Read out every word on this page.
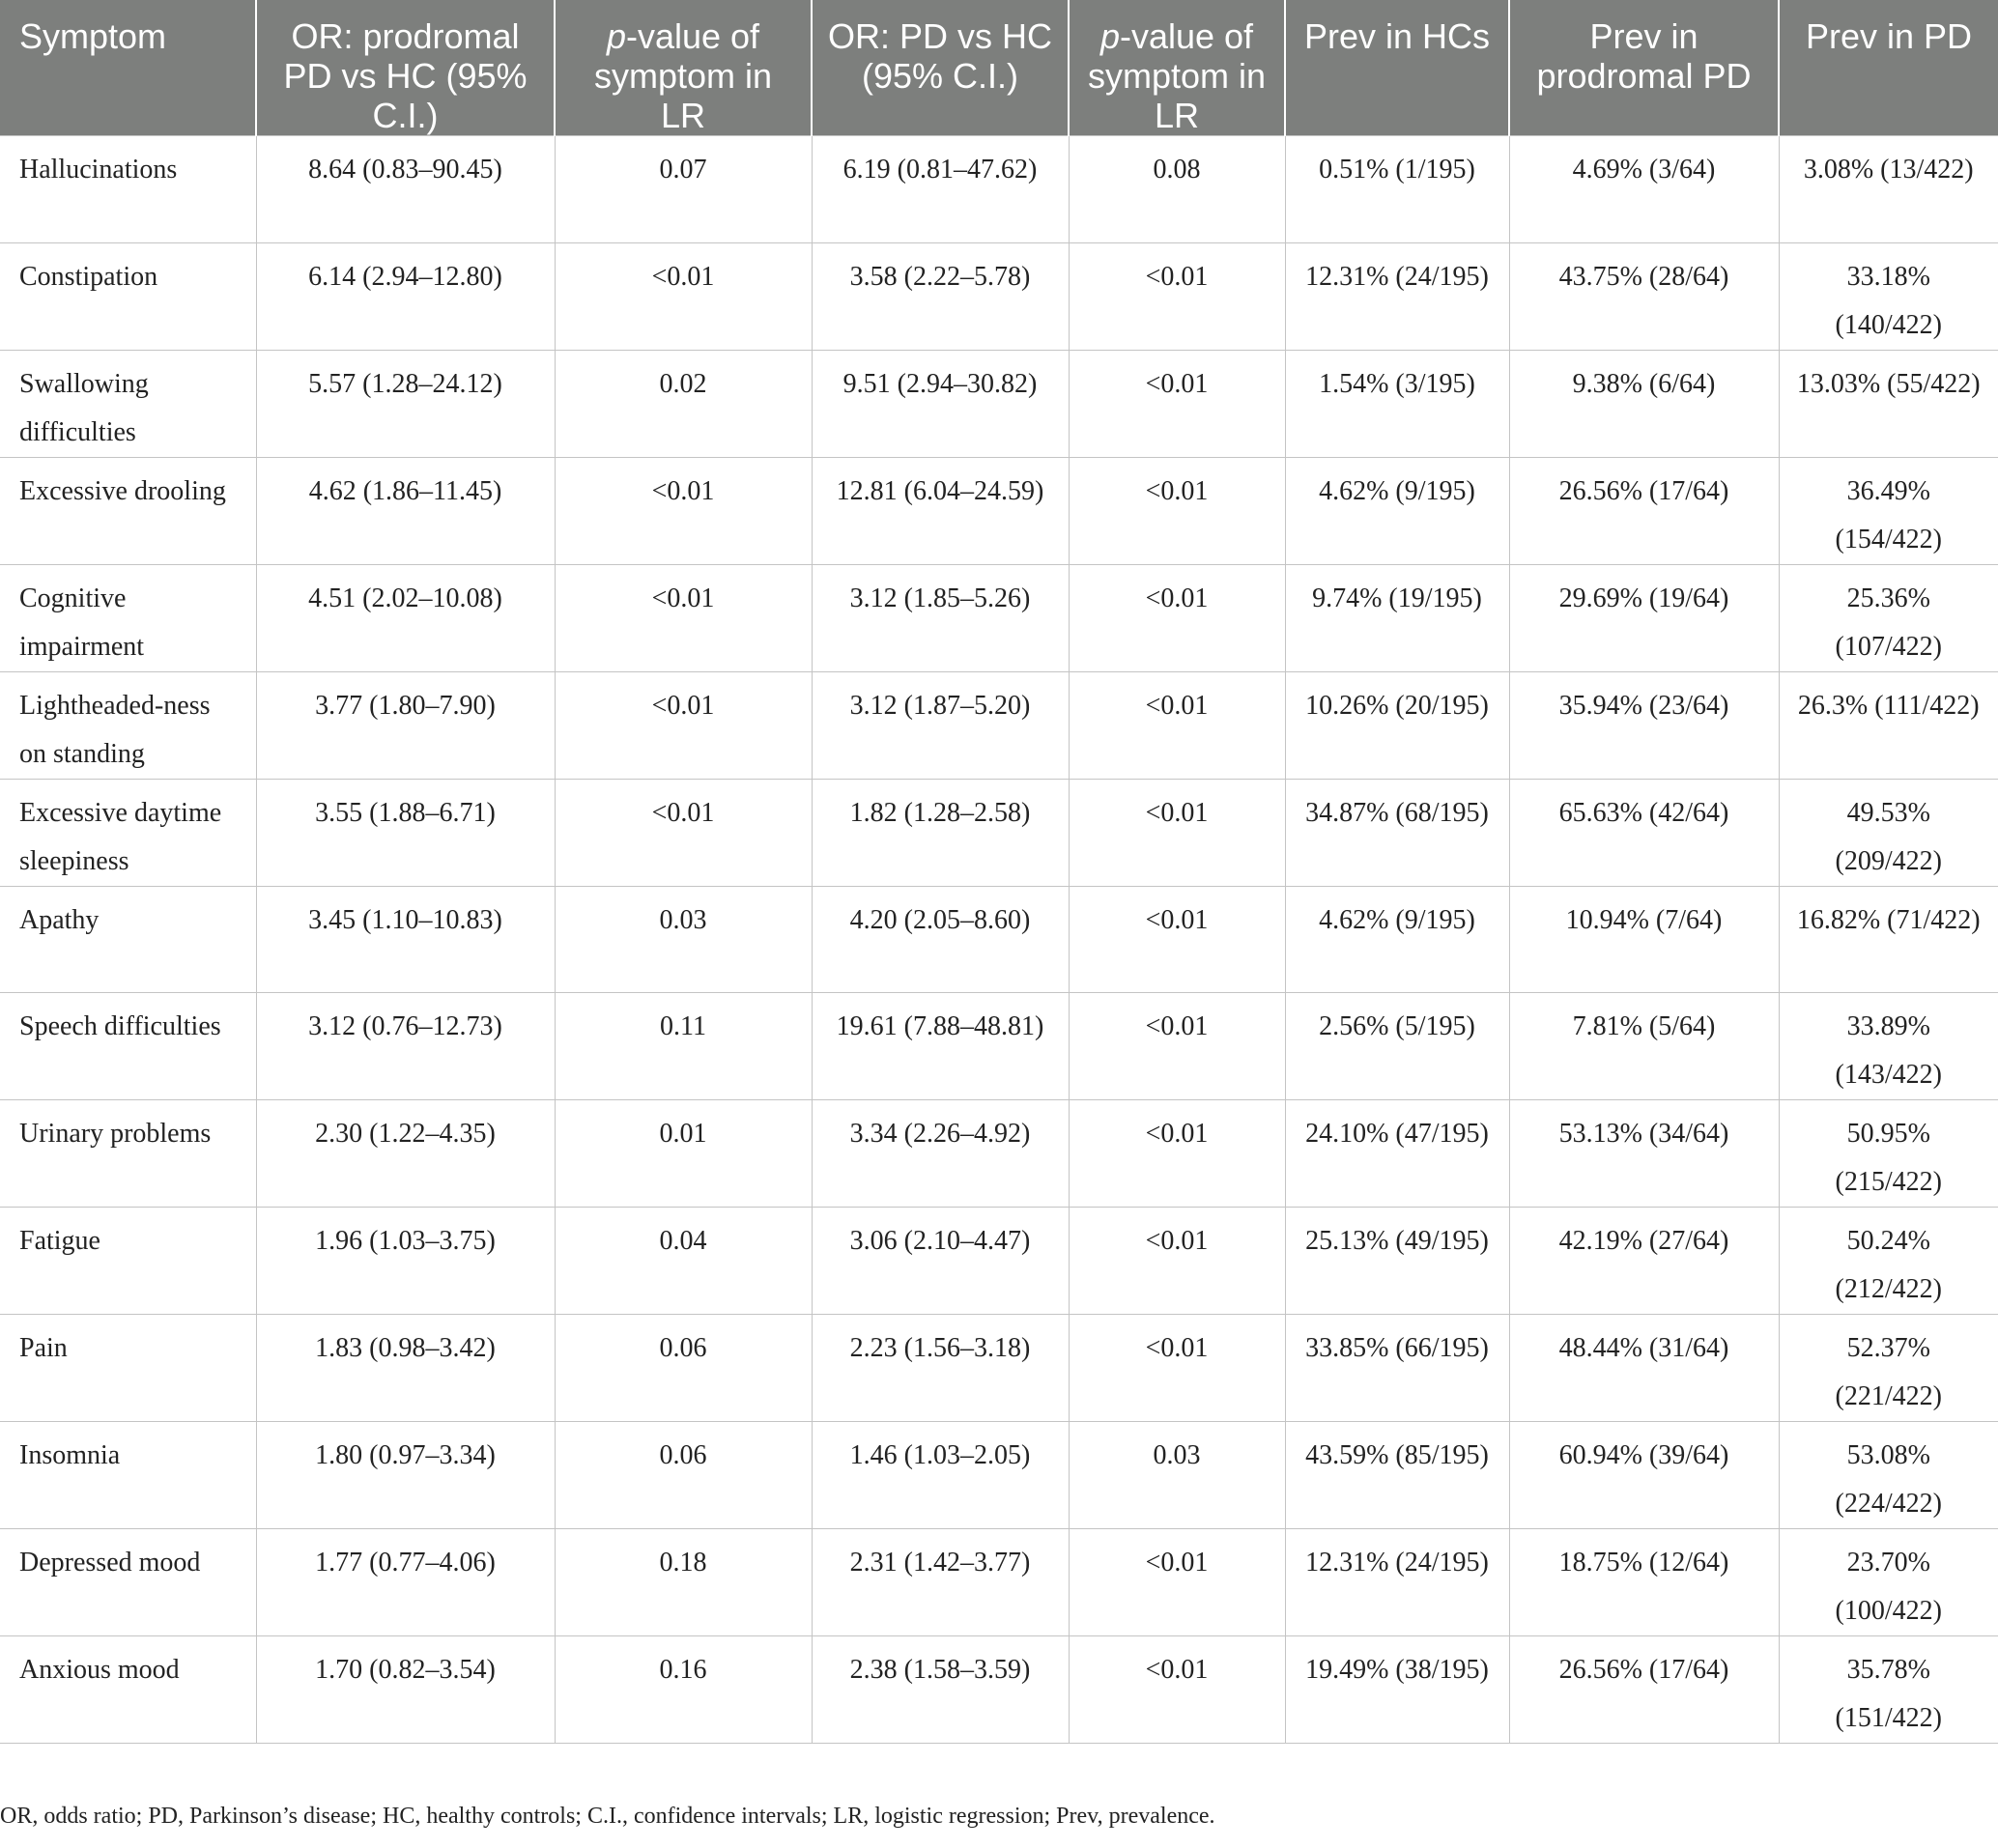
Symptom	OR: prodromal PD vs HC (95% C.I.)	p-value of symptom in LR	OR: PD vs HC (95% C.I.)	p-value of symptom in LR	Prev in HCs	Prev in prodromal PD	Prev in PD
Hallucinations	8.64 (0.83–90.45)	0.07	6.19 (0.81–47.62)	0.08	0.51% (1/195)	4.69% (3/64)	3.08% (13/422)
Constipation	6.14 (2.94–12.80)	<0.01	3.58 (2.22–5.78)	<0.01	12.31% (24/195)	43.75% (28/64)	33.18% (140/422)
Swallowing difficulties	5.57 (1.28–24.12)	0.02	9.51 (2.94–30.82)	<0.01	1.54% (3/195)	9.38% (6/64)	13.03% (55/422)
Excessive drooling	4.62 (1.86–11.45)	<0.01	12.81 (6.04–24.59)	<0.01	4.62% (9/195)	26.56% (17/64)	36.49% (154/422)
Cognitive impairment	4.51 (2.02–10.08)	<0.01	3.12 (1.85–5.26)	<0.01	9.74% (19/195)	29.69% (19/64)	25.36% (107/422)
Lightheaded-ness on standing	3.77 (1.80–7.90)	<0.01	3.12 (1.87–5.20)	<0.01	10.26% (20/195)	35.94% (23/64)	26.3% (111/422)
Excessive daytime sleepiness	3.55 (1.88–6.71)	<0.01	1.82 (1.28–2.58)	<0.01	34.87% (68/195)	65.63% (42/64)	49.53% (209/422)
Apathy	3.45 (1.10–10.83)	0.03	4.20 (2.05–8.60)	<0.01	4.62% (9/195)	10.94% (7/64)	16.82% (71/422)
Speech difficulties	3.12 (0.76–12.73)	0.11	19.61 (7.88–48.81)	<0.01	2.56% (5/195)	7.81% (5/64)	33.89% (143/422)
Urinary problems	2.30 (1.22–4.35)	0.01	3.34 (2.26–4.92)	<0.01	24.10% (47/195)	53.13% (34/64)	50.95% (215/422)
Fatigue	1.96 (1.03–3.75)	0.04	3.06 (2.10–4.47)	<0.01	25.13% (49/195)	42.19% (27/64)	50.24% (212/422)
Pain	1.83 (0.98–3.42)	0.06	2.23 (1.56–3.18)	<0.01	33.85% (66/195)	48.44% (31/64)	52.37% (221/422)
Insomnia	1.80 (0.97–3.34)	0.06	1.46 (1.03–2.05)	0.03	43.59% (85/195)	60.94% (39/64)	53.08% (224/422)
Depressed mood	1.77 (0.77–4.06)	0.18	2.31 (1.42–3.77)	<0.01	12.31% (24/195)	18.75% (12/64)	23.70% (100/422)
Anxious mood	1.70 (0.82–3.54)	0.16	2.38 (1.58–3.59)	<0.01	19.49% (38/195)	26.56% (17/64)	35.78% (151/422)
OR, odds ratio; PD, Parkinson’s disease; HC, healthy controls; C.I., confidence intervals; LR, logistic regression; Prev, prevalence.
